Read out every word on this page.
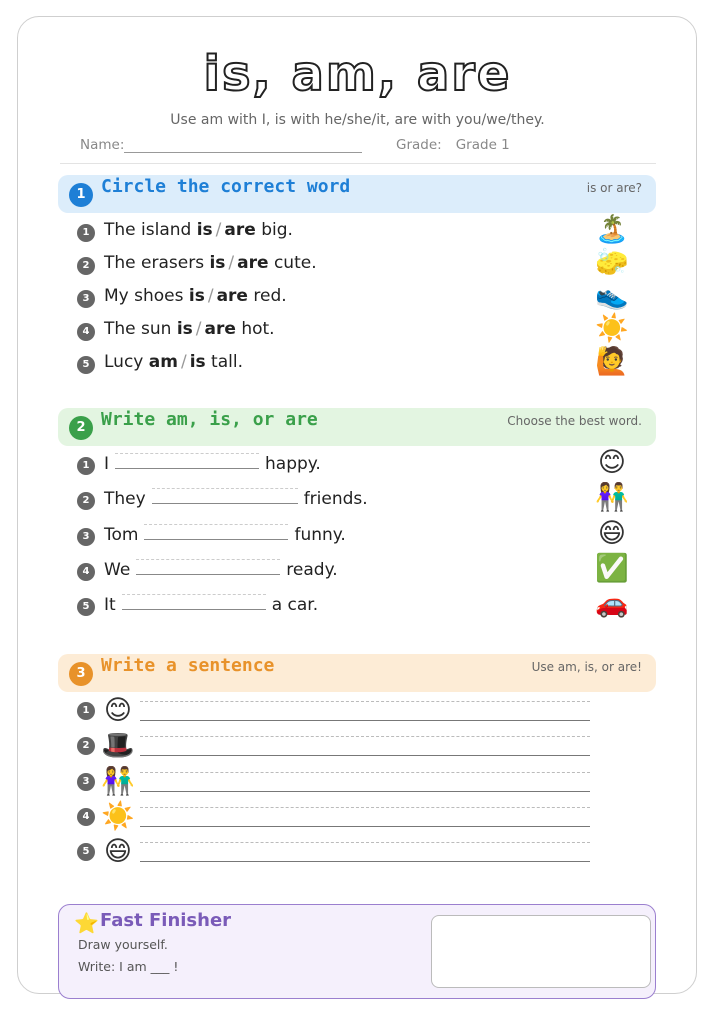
is, am, are
Use am with I, is with he/she/it, are with you/we/they.
Name:	Grade: Grade 1
1 Circle the correct word	is or are?
1 The island is / are big.	🏝️
2 The erasers is / are cute.	🧽
3 My shoes is / are red.	👟
4 The sun is / are hot.	☀️
5 Lucy am / is tall.	🙋
2 Write am, is, or are	Choose the best word.
1 I	happy.	😊
2 They	friends.	👫
3 Tom	funny.	😄
4 We	ready.	✅
5 It	a car.	🚗
3 Write a sentence	Use am, is, or are!
1 😊
2 🎩
3 👫
4 ☀️
5 😄
⭐ Fast Finisher
Draw yourself.
Write: I am ___ !
